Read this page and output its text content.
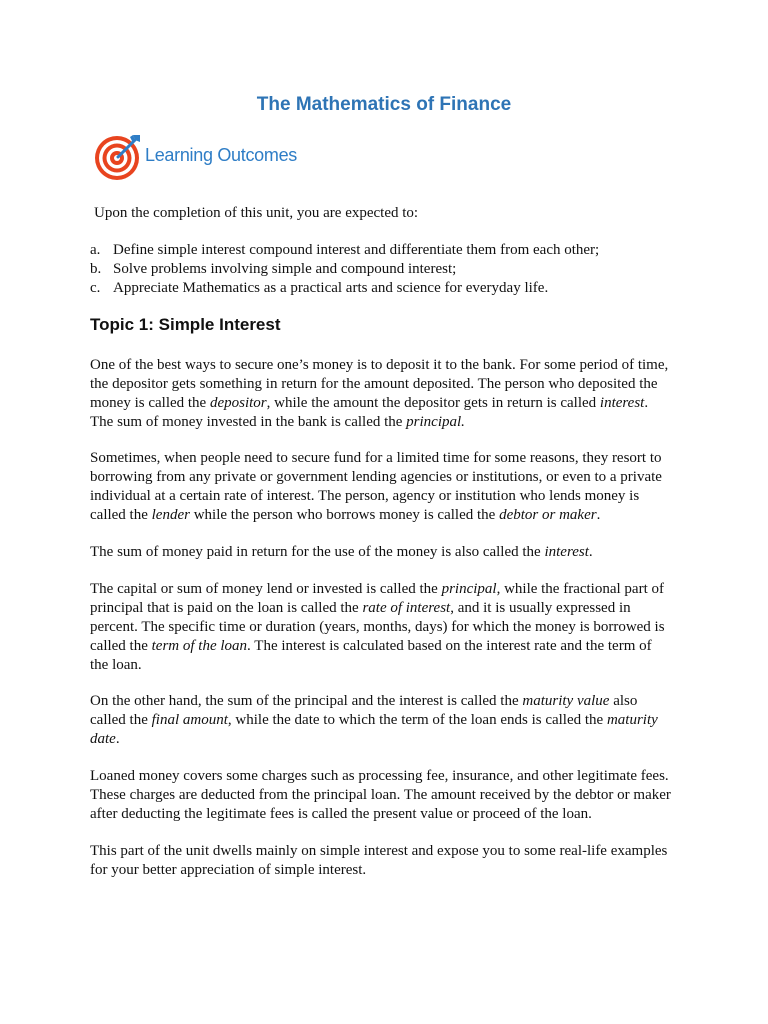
The Mathematics of Finance
Learning Outcomes
Upon the completion of this unit, you are expected to:
a. Define simple interest compound interest and differentiate them from each other;
b. Solve problems involving simple and compound interest;
c. Appreciate Mathematics as a practical arts and science for everyday life.
Topic 1: Simple Interest
One of the best ways to secure one’s money is to deposit it to the bank. For some period of time,
the depositor gets something in return for the amount deposited. The person who deposited the
money is called the depositor, while the amount the depositor gets in return is called interest.
The sum of money invested in the bank is called the principal.
Sometimes, when people need to secure fund for a limited time for some reasons, they resort to
borrowing from any private or government lending agencies or institutions, or even to a private
individual at a certain rate of interest. The person, agency or institution who lends money is
called the lender while the person who borrows money is called the debtor or maker.
The sum of money paid in return for the use of the money is also called the interest.
The capital or sum of money lend or invested is called the principal, while the fractional part of
principal that is paid on the loan is called the rate of interest, and it is usually expressed in
percent. The specific time or duration (years, months, days) for which the money is borrowed is
called the term of the loan. The interest is calculated based on the interest rate and the term of
the loan.
On the other hand, the sum of the principal and the interest is called the maturity value also
called the final amount, while the date to which the term of the loan ends is called the maturity
date.
Loaned money covers some charges such as processing fee, insurance, and other legitimate fees.
These charges are deducted from the principal loan. The amount received by the debtor or maker
after deducting the legitimate fees is called the present value or proceed of the loan.
This part of the unit dwells mainly on simple interest and expose you to some real-life examples
for your better appreciation of simple interest.
